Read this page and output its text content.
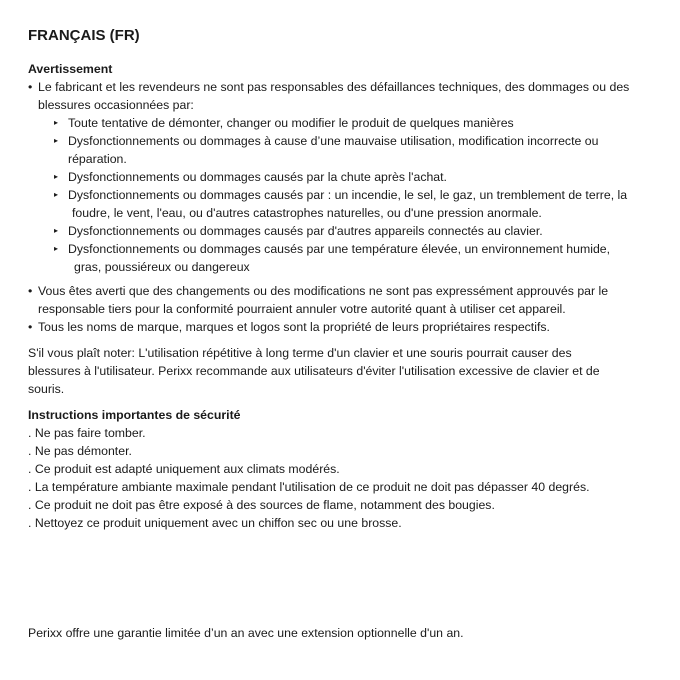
FRANÇAIS (FR)
Avertissement
• Le fabricant et les revendeurs ne sont pas responsables des défaillances techniques, des dommages ou des
blessures occasionnées par:
▸ Toute tentative de démonter, changer ou modifier le produit de quelques manières
▸ Dysfonctionnements ou dommages à cause d’une mauvaise utilisation, modification incorrecte ou
réparation.
▸ Dysfonctionnements ou dommages causés par la chute après l'achat.
▸ Dysfonctionnements ou dommages causés par : un incendie, le sel, le gaz, un tremblement de terre, la
foudre, le vent, l'eau, ou d'autres catastrophes naturelles, ou d'une pression anormale.
▸ Dysfonctionnements ou dommages causés par d'autres appareils connectés au clavier.
▸ Dysfonctionnements ou dommages causés par une température élevée, un environnement humide,
gras, poussiéreux ou dangereux
• Vous êtes averti que des changements ou des modifications ne sont pas expressément approuvés par le
responsable tiers pour la conformité pourraient annuler votre autorité quant à utiliser cet appareil.
• Tous les noms de marque, marques et logos sont la propriété de leurs propriétaires respectifs.
S'il vous plaît noter: L'utilisation répétitive à long terme d'un clavier et une souris pourrait causer des
blessures à l'utilisateur. Perixx recommande aux utilisateurs d'éviter l'utilisation excessive de clavier et de
souris.
Instructions importantes de sécurité
. Ne pas faire tomber.
. Ne pas démonter.
. Ce produit est adapté uniquement aux climats modérés.
. La température ambiante maximale pendant l'utilisation de ce produit ne doit pas dépasser 40 degrés.
. Ce produit ne doit pas être exposé à des sources de flame, notamment des bougies.
. Nettoyez ce produit uniquement avec un chiffon sec ou une brosse.
Perixx offre une garantie limitée d’un an avec une extension optionnelle d'un an.
